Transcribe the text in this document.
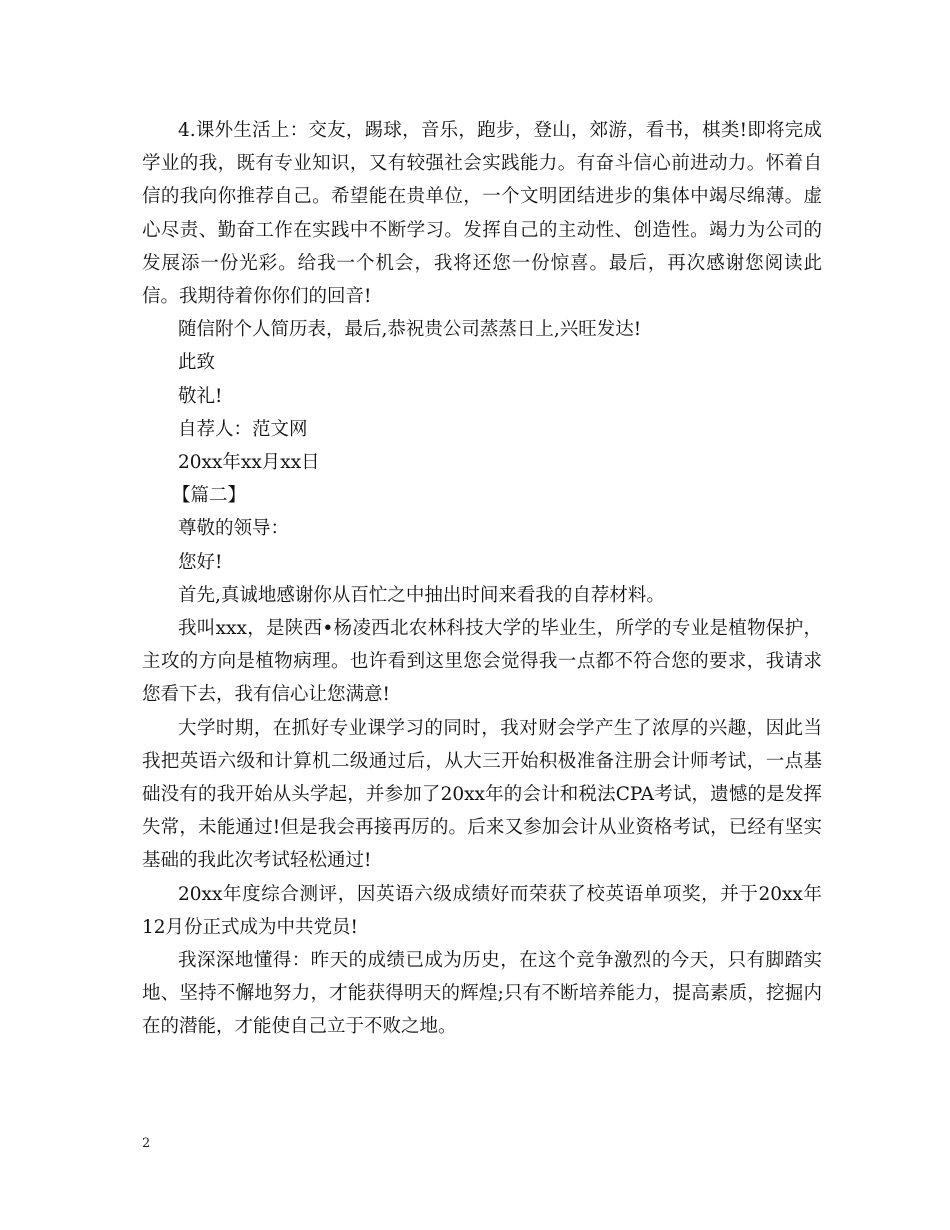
4.课外生活上：交友，踢球，音乐，跑步，登山，郊游，看书，棋类!即将完成学业的我，既有专业知识，又有较强社会实践能力。有奋斗信心前进动力。怀着自信的我向你推荐自己。希望能在贵单位，一个文明团结进步的集体中竭尽绵薄。虚心尽责、勤奋工作在实践中不断学习。发挥自己的主动性、创造性。竭力为公司的发展添一份光彩。给我一个机会，我将还您一份惊喜。最后，再次感谢您阅读此信。我期待着你你们的回音!

随信附个人简历表，最后,恭祝贵公司蒸蒸日上,兴旺发达!

此致

敬礼!

自荐人：范文网

20xx年xx月xx日

【篇二】

尊敬的领导：

您好!

首先,真诚地感谢你从百忙之中抽出时间来看我的自荐材料。

我叫xxx，是陕西•杨凌西北农林科技大学的毕业生，所学的专业是植物保护，主攻的方向是植物病理。也许看到这里您会觉得我一点都不符合您的要求，我请求您看下去，我有信心让您满意!

大学时期，在抓好专业课学习的同时，我对财会学产生了浓厚的兴趣，因此当我把英语六级和计算机二级通过后，从大三开始积极准备注册会计师考试，一点基础没有的我开始从头学起，并参加了20xx年的会计和税法CPA考试，遗憾的是发挥失常，未能通过!但是我会再接再厉的。后来又参加会计从业资格考试，已经有坚实基础的我此次考试轻松通过!

20xx年度综合测评，因英语六级成绩好而荣获了校英语单项奖，并于20xx年12月份正式成为中共党员!

我深深地懂得：昨天的成绩已成为历史，在这个竞争激烈的今天，只有脚踏实地、坚持不懈地努力，才能获得明天的辉煌;只有不断培养能力，提高素质，挖掘内在的潜能，才能使自己立于不败之地。

2
